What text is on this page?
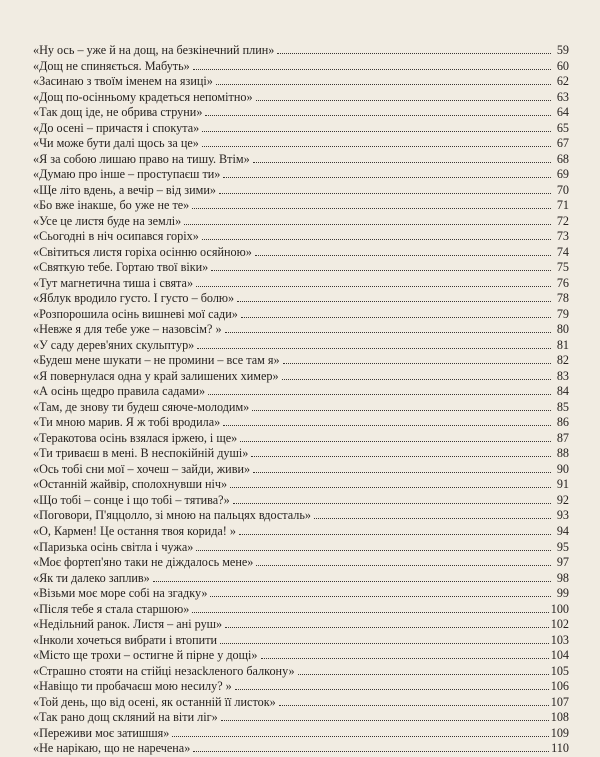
«Ну ось – уже й на дощ, на безкінечний плин»	59
«Дощ не спиняється. Мабуть»	60
«Засинаю з твоїм іменем на язиці»	62
«Дощ по-осінньому крадеться непомітно»	63
«Так дощ іде, не обрива струни»	64
«До осені – причастя і спокута»	65
«Чи може бути далі щось за це»	67
«Я за собою лишаю право на тишу. Втім»	68
«Думаю про інше – проступаєш ти»	69
«Ще літо вдень, а вечір – від зими»	70
«Бо вже інакше, бо уже не те»	71
«Усе це листя буде на землі»	72
«Сьогодні в ніч осипався горіх»	73
«Світиться листя горіха осінню осяйною»	74
«Святкую тебе. Гортаю твої віки»	75
«Тут магнетична тиша і свята»	76
«Яблук вродило густо. І густо – болю»	78
«Розпорошила осінь вишневі мої сади»	79
«Невже я для тебе уже – назовсім? »	80
«У саду дерев'яних скульптур»	81
«Будеш мене шукати – не промини – все там я»	82
«Я повернулася одна у край залишених химер»	83
«А осінь щедро правила садами»	84
«Там, де знову ти будеш сяюче-молодим»	85
«Ти мною марив. Я ж тобі вродила»	86
«Теракотова осінь взялася іржею, і ще»	87
«Ти триваєш в мені. В неспокійній душі»	88
«Ось тобі сни мої – хочеш – зайди, живи»	90
«Останній жайвір, сполохнувши ніч»	91
«Що тобі – сонце і що тобі – тятива?»	92
«Поговори, П'яццолло, зі мною на пальцях вдосталь»	93
«О, Кармен! Це остання твоя корида! »	94
«Паризька осінь світла і чужа»	95
«Моє фортеп'яно таки не діждалось мене»	97
«Як ти далеко заплив»	98
«Візьми моє море собі на згадку»	99
«Після тебе я стала старшою»	100
«Недільний ранок. Листя – ані руш»	102
«Інколи хочеться вибрати і втопити	103
«Місто ще трохи – остигне й пірне у дощі»	104
«Страшно стояти на стійці незасkленого балкону»	105
«Навіщо ти пробачаєш мою несилу? »	106
«Той день, що від осені, як останній її листок»	107
«Так рано дощ скляний на віти ліг»	108
«Переживи моє затишшя»	109
«Не нарікаю, що не наречена»	110
